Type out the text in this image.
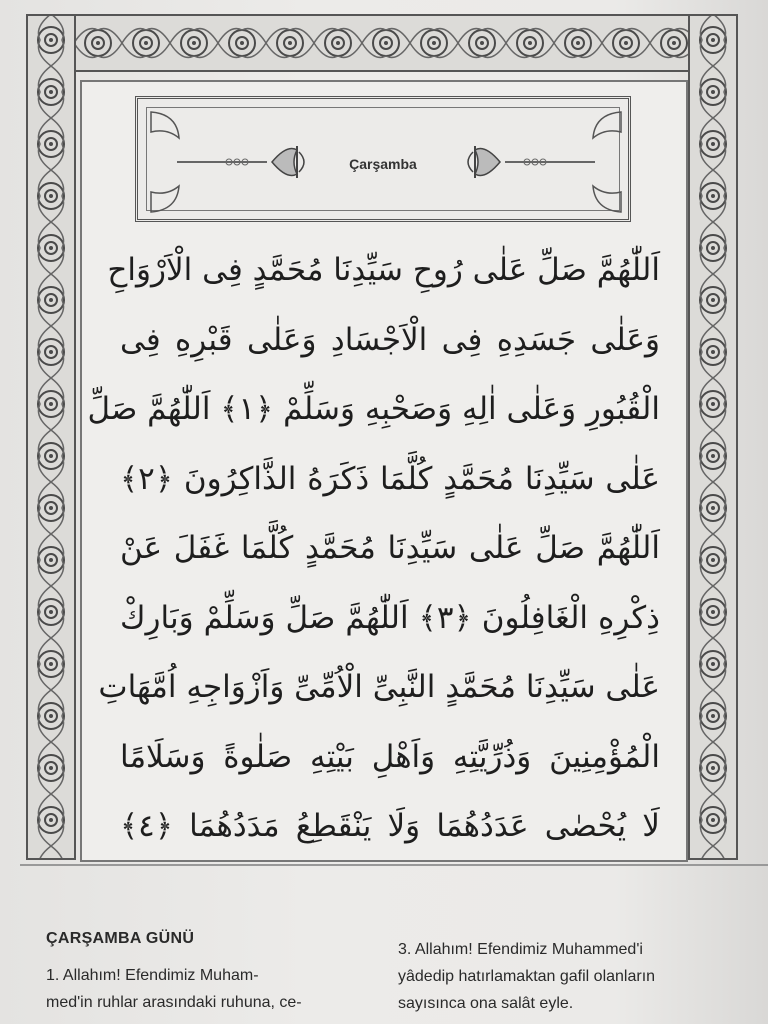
Çarşamba
اَللّٰهُمَّ صَلِّ عَلٰى رُوحِ سَيِّدِنَا مُحَمَّدٍ فِى الْاَرْوَاحِ
وَعَلٰى جَسَدِهِ فِى الْاَجْسَادِ وَعَلٰى قَبْرِهِ فِى
الْقُبُورِ وَعَلٰى اٰلِهِ وَصَحْبِهِ وَسَلِّمْ ﴿١﴾ اَللّٰهُمَّ صَلِّ
عَلٰى سَيِّدِنَا مُحَمَّدٍ كُلَّمَا ذَكَرَهُ الذَّاكِرُونَ ﴿٢﴾
اَللّٰهُمَّ صَلِّ عَلٰى سَيِّدِنَا مُحَمَّدٍ كُلَّمَا غَفَلَ عَنْ
ذِكْرِهِ الْغَافِلُونَ ﴿٣﴾ اَللّٰهُمَّ صَلِّ وَسَلِّمْ وَبَارِكْ
عَلٰى سَيِّدِنَا مُحَمَّدٍ النَّبِىِّ الْاُمِّىِّ وَاَزْوَاجِهِ اُمَّهَاتِ
الْمُؤْمِنِينَ وَذُرِّيَّتِهِ وَاَهْلِ بَيْتِهِ صَلٰوةً وَسَلَامًا
لَا يُحْصٰى عَدَدُهُمَا وَلَا يَنْقَطِعُ مَدَدُهُمَا ﴿٤﴾
ÇARŞAMBA GÜNÜ

1. Allahım! Efendimiz Muham-

med'in ruhlar arasındaki ruhuna, ce-

3. Allahım! Efendimiz Muhammed'i

yâdedip hatırlamaktan gafil olanların

sayısınca ona salât eyle.
